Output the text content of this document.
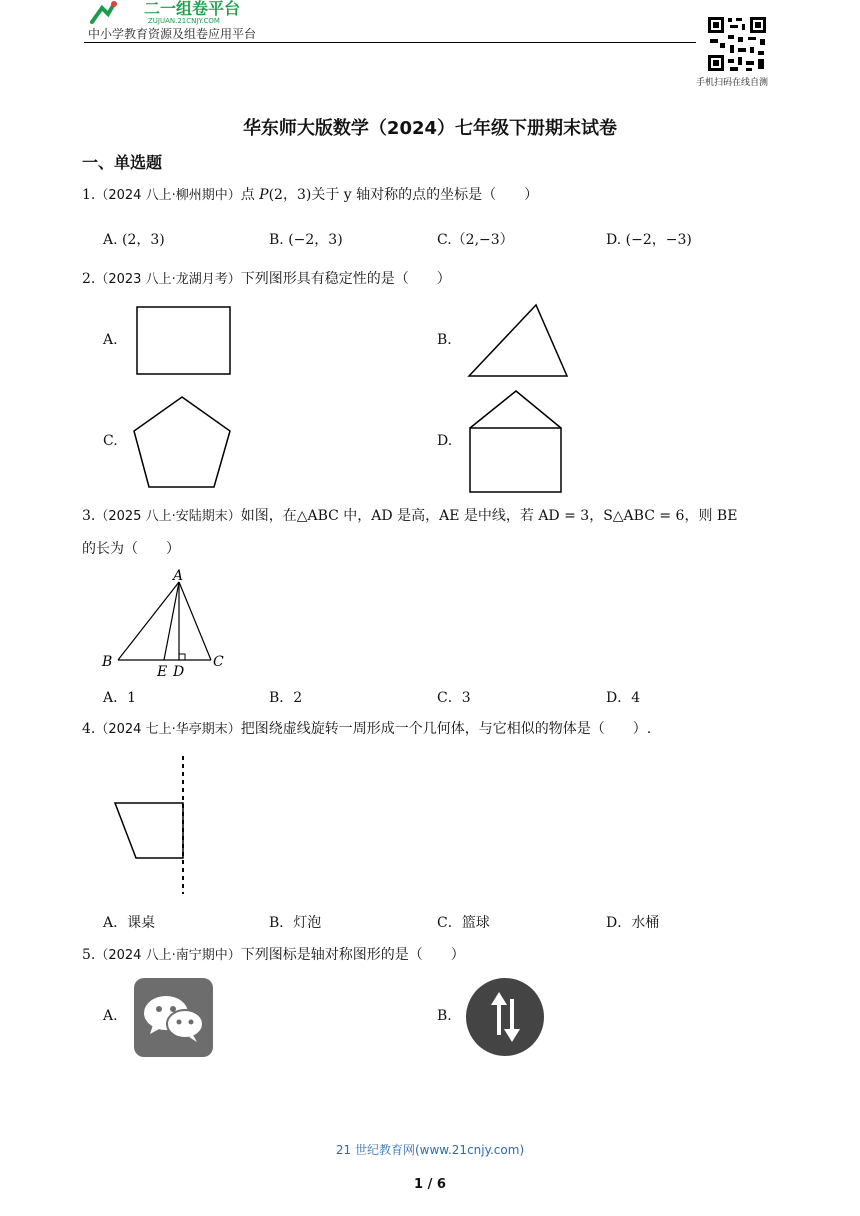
二一组卷平台
ZUJUAN.21CNJY.COM
中小学教育资源及组卷应用平台
手机扫码在线自测
华东师大版数学（2024）七年级下册期末试卷
一、单选题
1.（2024 八上·柳州期中）点 P(2，3)关于 y 轴对称的点的坐标是（　　）
A. (2，3)	B. (−2，3)	C.（2,−3）	D. (−2，−3)
2.（2023 八上·龙湖月考）下列图形具有稳定性的是（　　）
A.	B.
C.	D.
3.（2025 八上·安陆期末）如图，在△ABC 中，AD 是高，AE 是中线，若 AD = 3，S△ABC = 6，则 BE
的长为（　　）
A
B	C
E D
A．1	B．2	C．3	D．4
4.（2024 七上·华亭期末）把图绕虚线旋转一周形成一个几何体，与它相似的物体是（　　）.
A．课桌	B．灯泡	C．篮球	D．水桶
5.（2024 八上·南宁期中）下列图标是轴对称图形的是（　　）
A.	B.
21 世纪教育网(www.21cnjy.com)
1 / 6
